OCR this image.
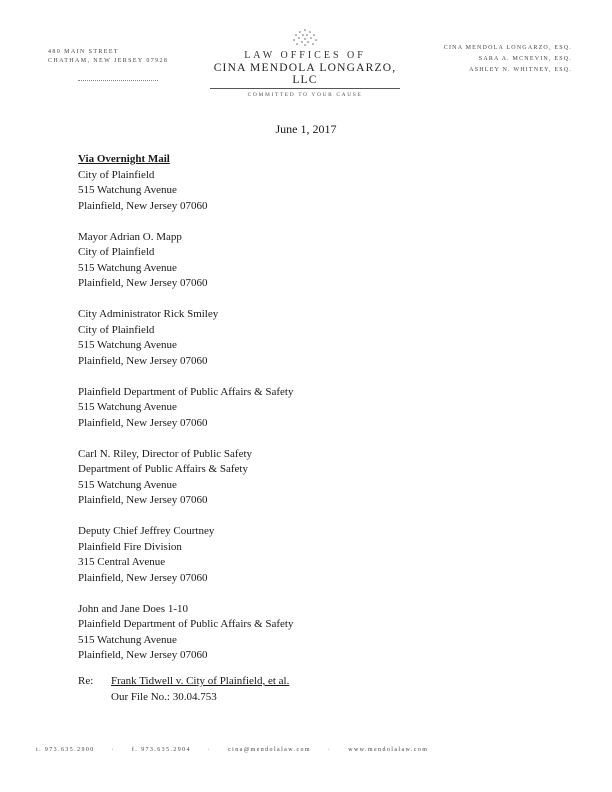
480 MAIN STREET
CHATHAM, NEW JERSEY 07928	LAW OFFICES OF
CINA MENDOLA LONGARZO, LLC
COMMITTED TO YOUR CAUSE
CINA MENDOLA LONGARZO, ESQ.
SARA A. MCNEVIN, ESQ.
ASHLEY N. WHITNEY, ESQ.
June 1, 2017
Via Overnight Mail
City of Plainfield
515 Watchung Avenue
Plainfield, New Jersey 07060
Mayor Adrian O. Mapp
City of Plainfield
515 Watchung Avenue
Plainfield, New Jersey 07060
City Administrator Rick Smiley
City of Plainfield
515 Watchung Avenue
Plainfield, New Jersey 07060
Plainfield Department of Public Affairs & Safety
515 Watchung Avenue
Plainfield, New Jersey 07060
Carl N. Riley, Director of Public Safety
Department of Public Affairs & Safety
515 Watchung Avenue
Plainfield, New Jersey 07060
Deputy Chief Jeffrey Courtney
Plainfield Fire Division
315 Central Avenue
Plainfield, New Jersey 07060
John and Jane Does 1-10
Plainfield Department of Public Affairs & Safety
515 Watchung Avenue
Plainfield, New Jersey 07060
Re: Frank Tidwell v. City of Plainfield, et al.
Our File No.: 30.04.753
t. 973.635.2900	·	f. 973.635.2904	·	cina@mendolalaw.com	·	www.mendolalaw.com
